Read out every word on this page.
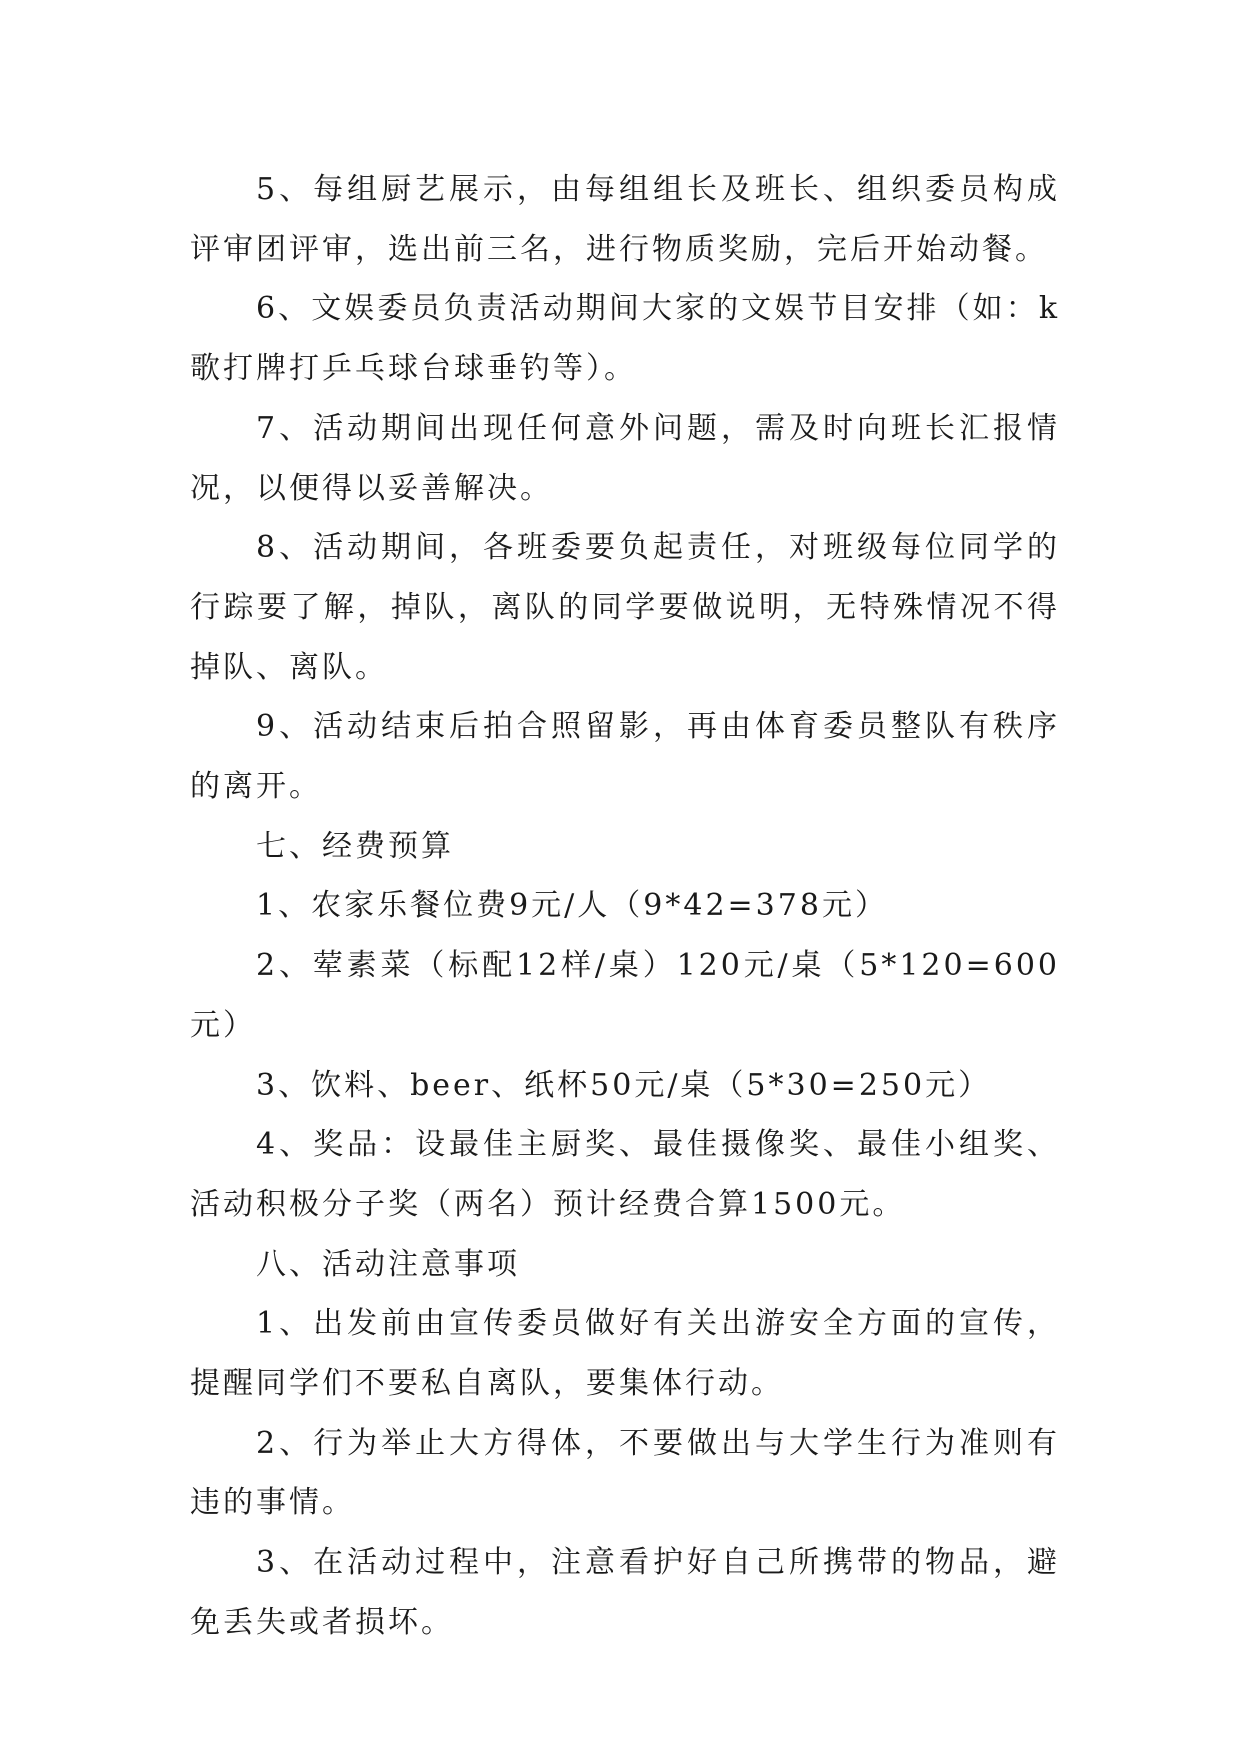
5、每组厨艺展示，由每组组长及班长、组织委员构成评审团评审，选出前三名，进行物质奖励，完后开始动餐。

6、文娱委员负责活动期间大家的文娱节目安排（如：k歌打牌打乒乓球台球垂钓等）。

7、活动期间出现任何意外问题，需及时向班长汇报情况，以便得以妥善解决。

8、活动期间，各班委要负起责任，对班级每位同学的行踪要了解，掉队，离队的同学要做说明，无特殊情况不得掉队、离队。

9、活动结束后拍合照留影，再由体育委员整队有秩序的离开。

七、经费预算

1、农家乐餐位费9元/人（9*42=378元）

2、荤素菜（标配12样/桌）120元/桌（5*120=600元）

3、饮料、beer、纸杯50元/桌（5*30=250元）

4、奖品：设最佳主厨奖、最佳摄像奖、最佳小组奖、活动积极分子奖（两名）预计经费合算1500元。

八、活动注意事项

1、出发前由宣传委员做好有关出游安全方面的宣传，提醒同学们不要私自离队，要集体行动。

2、行为举止大方得体，不要做出与大学生行为准则有违的事情。

3、在活动过程中，注意看护好自己所携带的物品，避免丢失或者损坏。
